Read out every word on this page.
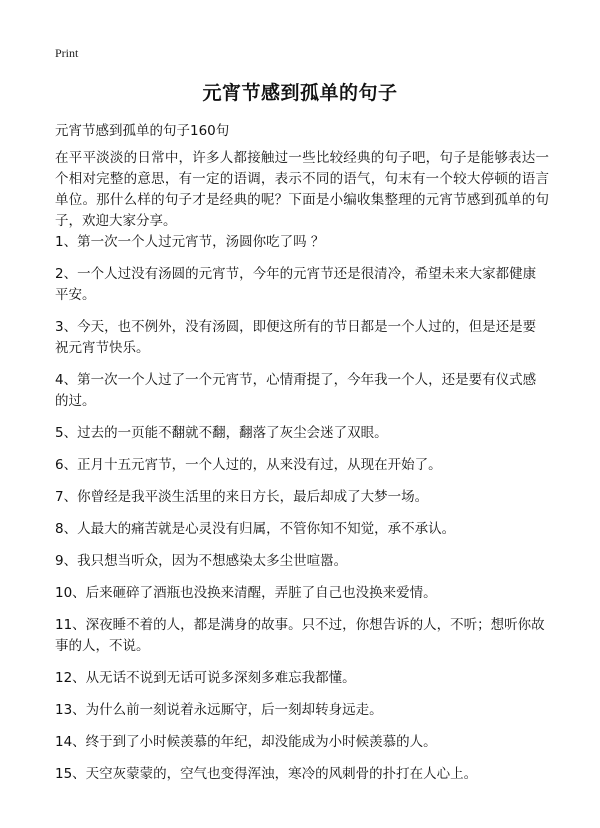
Print
元宵节感到孤单的句子

元宵节感到孤单的句子160句

在平平淡淡的日常中，许多人都接触过一些比较经典的句子吧，句子是能够表达一个相对完整的意思，有一定的语调，表示不同的语气，句末有一个较大停顿的语言单位。那什么样的句子才是经典的呢？下面是小编收集整理的元宵节感到孤单的句子，欢迎大家分享。

1、第一次一个人过元宵节，汤圆你吃了吗 ？
2、一个人过没有汤圆的元宵节，今年的元宵节还是很清冷，希望未来大家都健康平安。
3、今天，也不例外，没有汤圆，即便这所有的节日都是一个人过的，但是还是要祝元宵节快乐。
4、第一次一个人过了一个元宵节，心情甭提了，今年我一个人，还是要有仪式感的过。
5、过去的一页能不翻就不翻，翻落了灰尘会迷了双眼。
6、正月十五元宵节，一个人过的，从来没有过，从现在开始了。
7、你曾经是我平淡生活里的来日方长，最后却成了大梦一场。
8、人最大的痛苦就是心灵没有归属，不管你知不知觉，承不承认。
9、我只想当听众，因为不想感染太多尘世喧嚣。
10、后来砸碎了酒瓶也没换来清醒，弄脏了自己也没换来爱情。
11、深夜睡不着的人，都是满身的故事。只不过，你想告诉的人，不听；想听你故事的人，不说。
12、从无话不说到无话可说多深刻多难忘我都懂。
13、为什么前一刻说着永远厮守，后一刻却转身远走。
14、终于到了小时候羡慕的年纪，却没能成为小时候羡慕的人。
15、天空灰蒙蒙的，空气也变得浑浊，寒冷的风刺骨的扑打在人心上。
